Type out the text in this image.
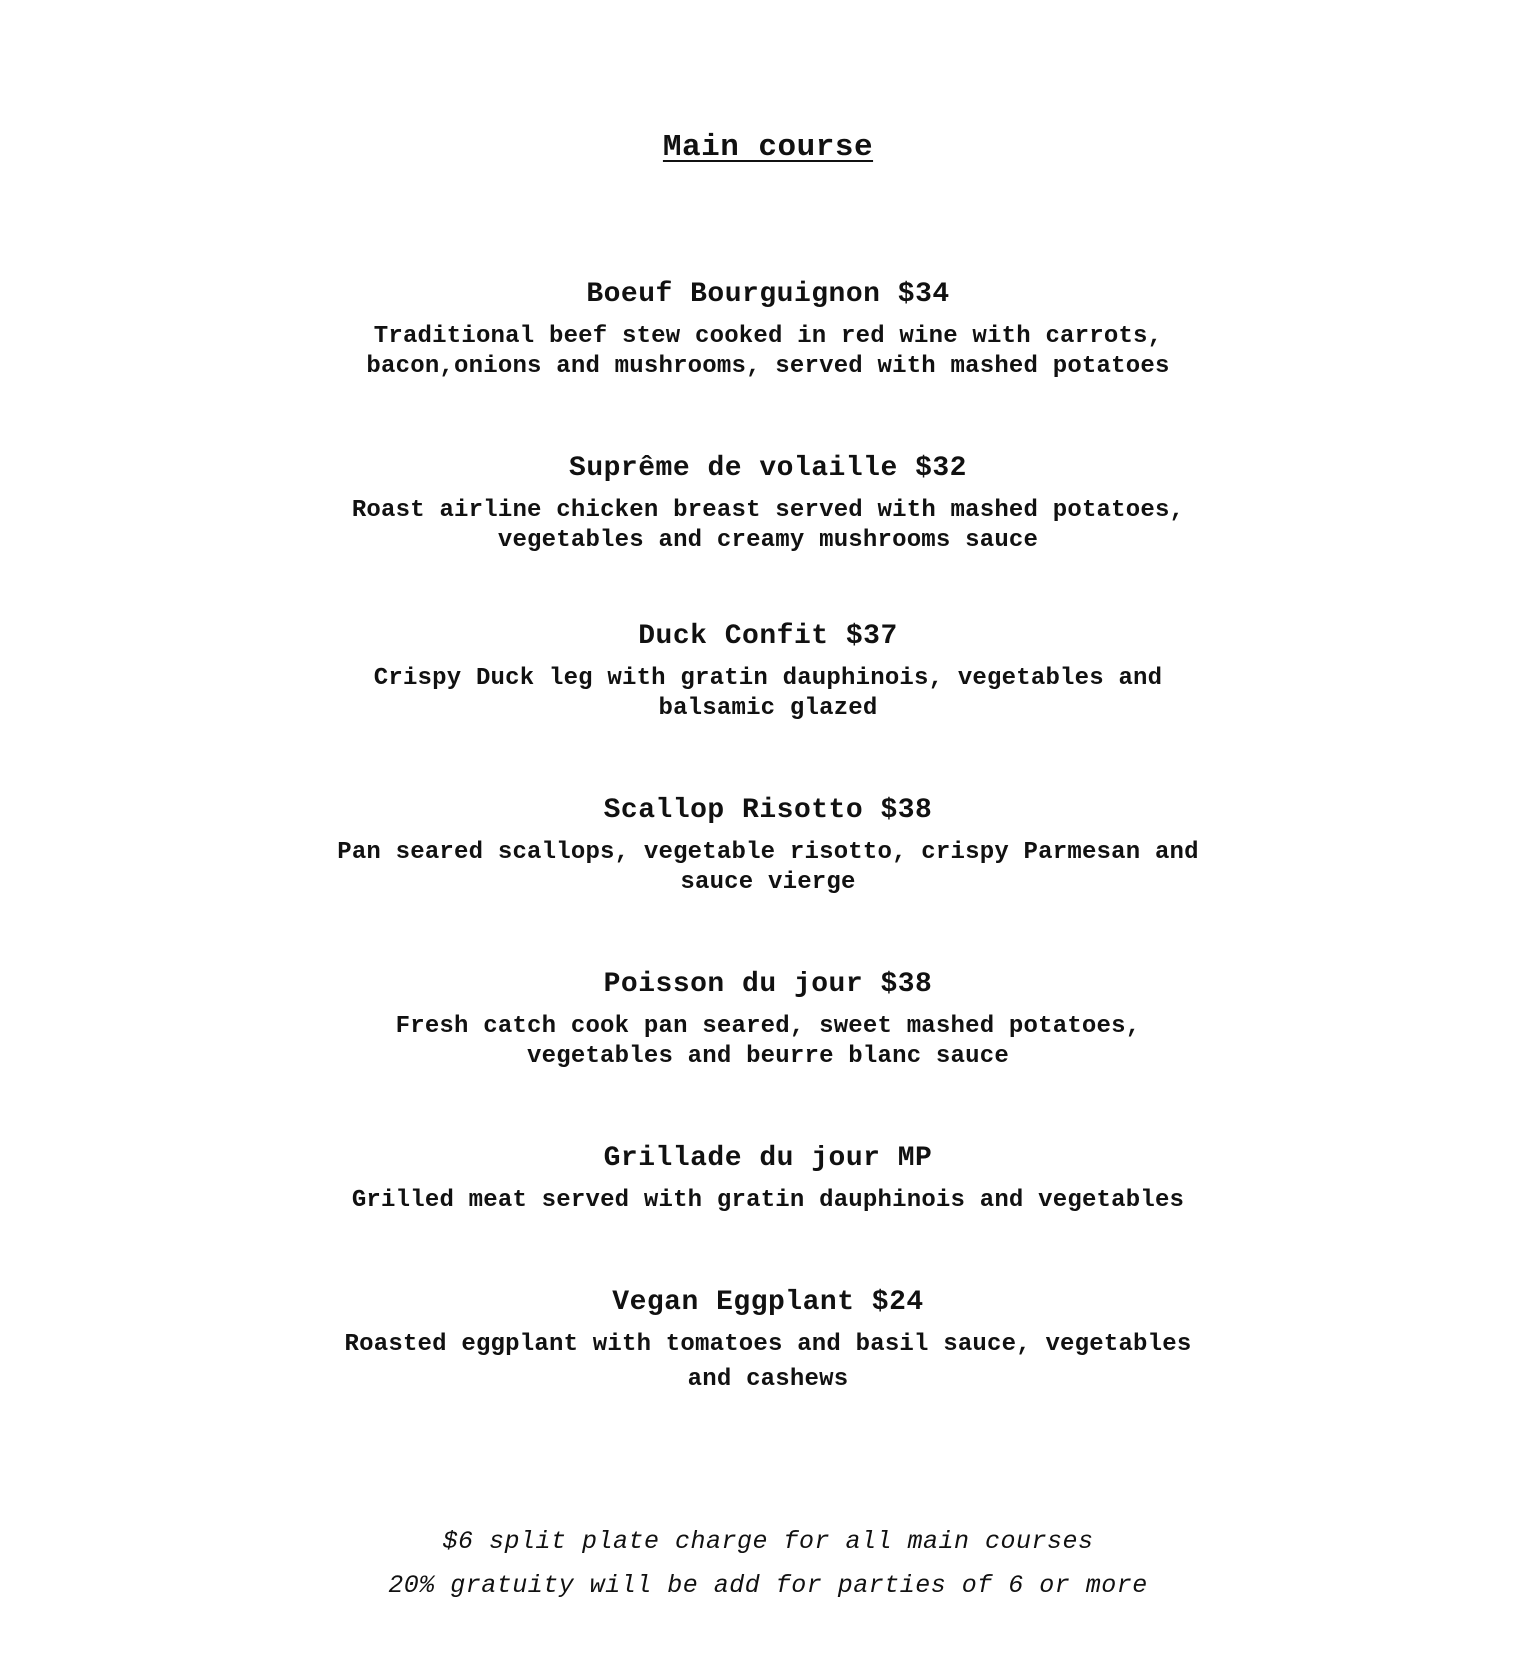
Main course
Boeuf Bourguignon $34
Traditional beef stew cooked in red wine with carrots,
bacon,onions and mushrooms, served with mashed potatoes
Suprême de volaille $32
Roast airline chicken breast served with mashed potatoes,
vegetables and creamy mushrooms sauce
Duck Confit $37
Crispy Duck leg with gratin dauphinois, vegetables and
balsamic glazed
Scallop Risotto $38
Pan seared scallops, vegetable risotto, crispy Parmesan and
sauce vierge
Poisson du jour $38
Fresh catch cook pan seared, sweet mashed potatoes,
vegetables and beurre blanc sauce
Grillade du jour MP
Grilled meat served with gratin dauphinois and vegetables
Vegan Eggplant $24
Roasted eggplant with tomatoes and basil sauce, vegetables
and cashews
$6 split plate charge for all main courses
20% gratuity will be add for parties of 6 or more
